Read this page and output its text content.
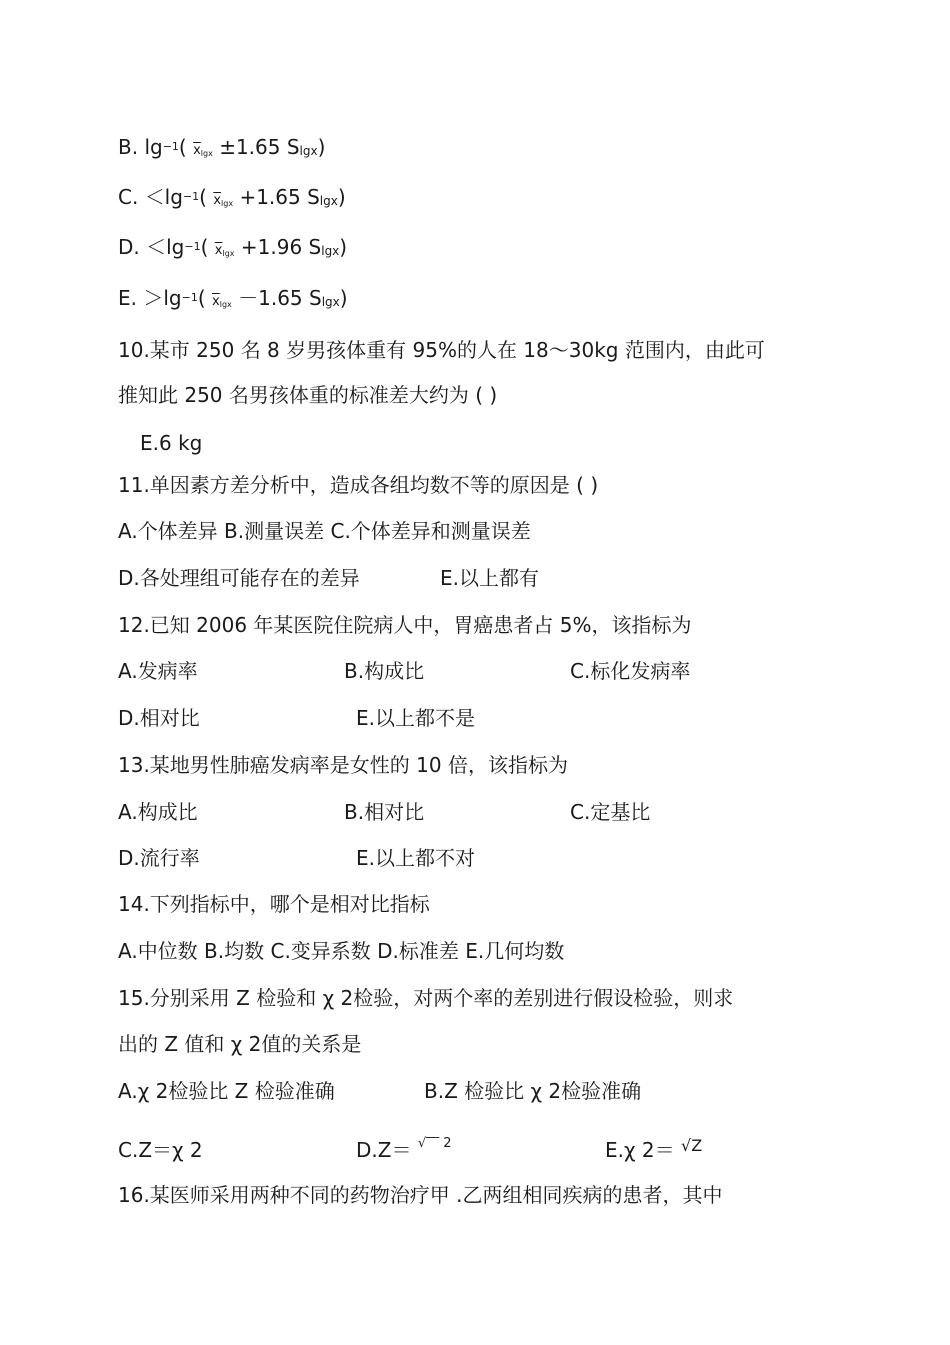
B. $\lg^{-1}$( $\overline{x}\lg x \pm 1.65$ Slgx)
C. $<\lg^{-1}$( $\overline{x}\lg x +1.65$ Slgx)
D. $<\lg^{-1}$( $\overline{x}\lg x +1.96$ Slgx)
E. $>\lg^{-1}$( $\overline{x}\lg x -1.65$ Slgx)
10.某市 250 名 8 岁男孩体重有 95%的人在 18～30kg 范围内，由此可
推知此 250 名男孩体重的标准差大约为 ( )
E.6 kg
11.单因素方差分析中，造成各组均数不等的原因是 ( )
A.个体差异 B.测量误差 C.个体差异和测量误差
D.各处理组可能存在的差异	E.以上都有
12.已知 2006 年某医院住院病人中，胃癌患者占 5%，该指标为
A.发病率	B.构成比	C.标化发病率
D.相对比	E.以上都不是
13.某地男性肺癌发病率是女性的 10 倍，该指标为
A.构成比	B.相对比	C.定基比
D.流行率	E.以上都不对
14.下列指标中，哪个是相对比指标
A.中位数 B.均数 C.变异系数 D.标准差 E.几何均数
15.分别采用 Z 检验和 χ 2检验，对两个率的差别进行假设检验，则求
出的 Z 值和 χ 2值的关系是
A.χ 2检验比 Z 检验准确	B.Z 检验比 χ 2检验准确
C.Z＝χ 2	D.Z＝ √‾‾ 2	E.χ 2＝ √Z
16.某医师采用两种不同的药物治疗甲 .乙两组相同疾病的患者，其中
